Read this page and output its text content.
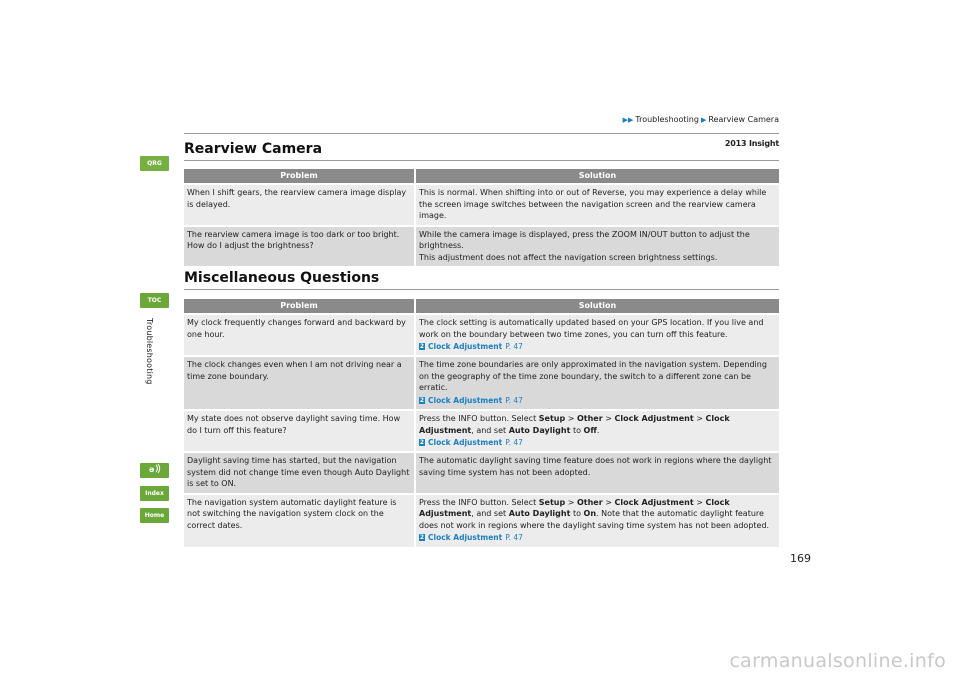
▶▶ Troubleshooting ▶ Rearview Camera
2013 Insight
QRG
TOC
Troubleshooting
ə
Index
Home
Rearview Camera
Problem	Solution
When I shift gears, the rearview camera image display is delayed.	This is normal. When shifting into or out of Reverse, you may experience a delay while the screen image switches between the navigation screen and the rearview camera image.
The rearview camera image is too dark or too bright. How do I adjust the brightness?	While the camera image is displayed, press the ZOOM IN/OUT button to adjust the brightness.
This adjustment does not affect the navigation screen brightness settings.
Miscellaneous Questions
Problem	Solution
My clock frequently changes forward and backward by one hour.	The clock setting is automatically updated based on your GPS location. If you live and work on the boundary between two time zones, you can turn off this feature.
2 Clock Adjustment P. 47

The clock changes even when I am not driving near a time zone boundary.	The time zone boundaries are only approximated in the navigation system. Depending on the geography of the time zone boundary, the switch to a different zone can be erratic.
2 Clock Adjustment P. 47

My state does not observe daylight saving time. How do I turn off this feature?	Press the INFO button. Select Setup > Other > Clock Adjustment > Clock Adjustment, and set Auto Daylight to Off.
2 Clock Adjustment P. 47

Daylight saving time has started, but the navigation system did not change time even though Auto Daylight is set to ON.	The automatic daylight saving time feature does not work in regions where the daylight saving time system has not been adopted.
The navigation system automatic daylight feature is not switching the navigation system clock on the correct dates.	Press the INFO button. Select Setup > Other > Clock Adjustment > Clock Adjustment, and set Auto Daylight to On. Note that the automatic daylight feature does not work in regions where the daylight saving time system has not been adopted.
2 Clock Adjustment P. 47
169
carmanualsonline.info
